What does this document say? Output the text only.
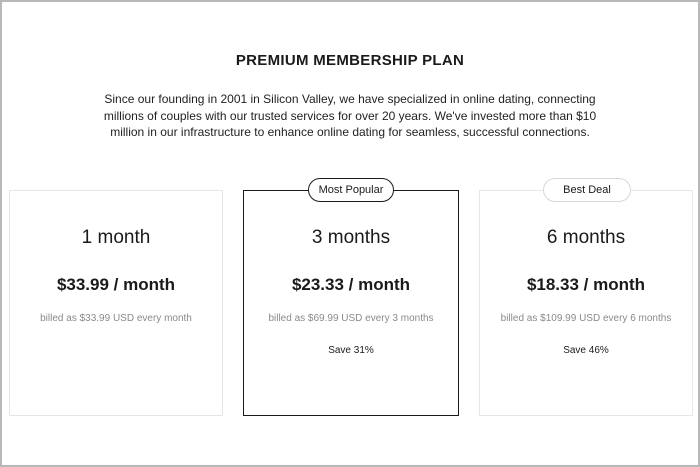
PREMIUM MEMBERSHIP PLAN
Since our founding in 2001 in Silicon Valley, we have specialized in online dating, connecting millions of couples with our trusted services for over 20 years. We've invested more than $10 million in our infrastructure to enhance online dating for seamless, successful connections.
1 month
$33.99 / month
billed as $33.99 USD every month
3 months
$23.33 / month
billed as $69.99 USD every 3 months
Save 31%
6 months
$18.33 / month
billed as $109.99 USD every 6 months
Save 46%
Most Popular	Best Deal
